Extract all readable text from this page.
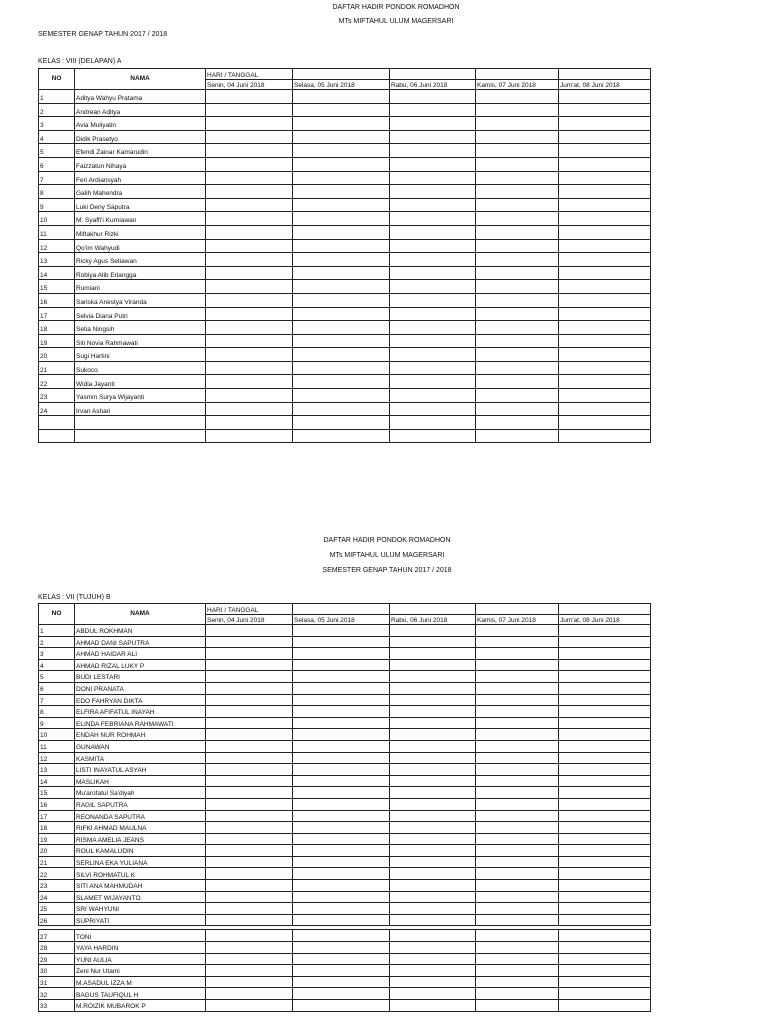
DAFTAR HADIR PONDOK ROMADHON
MTs MIFTAHUL ULUM MAGERSARI
SEMESTER GENAP TAHUN 2017 / 2018
KELAS : VIII (DELAPAN) A
NO	NAMA	HARI / TANGGAL				
		Senin, 04 Juni 2018	Selasa, 05 Juni 2018	Rabu, 06 Juni 2018	Kamis, 07 Juni 2018	Jum'at, 08 Juni 2018
1	Aditya Wahyu Pratama					
2	Andrean Aditya					
3	Avia Muliyatin					
4	Didik Prasetyo					
5	Efendi Zainar Kamarudin					
6	Faizzatun Nihaya					
7	Feri Ardiansyah					
8	Galih Mahendra					
9	Luki Deny Saputra					
10	M. Syaffi'i Kurniawan					
11	Miftakhur Rizki					
12	Qo'im Wahyudi					
13	Ricky Agus Setiawan					
14	Robiya Alib Erlangga					
15	Rumiani					
16	Sariska Anestya Viranda					
17	Selvia Diana Putri					
18	Setia Ningsih					
19	Siti Novia Rahmawati					
20	Sugi Hartini					
21	Sukoco					
22	Widia Jayanti					
23	Yasmin Surya Wijayanti					
24	Irvan Ashari					

DAFTAR HADIR PONDOK ROMADHON
MTs MIFTAHUL ULUM MAGERSARI
SEMESTER GENAP TAHUN 2017 / 2018
KELAS : VII (TUJUH) B
NO	NAMA	HARI / TANGGAL				
		Senin, 04 Juni 2018	Selasa, 05 Juni 2018	Rabu, 06 Juni 2018	Kamis, 07 Juni 2018	Jum'at, 08 Juni 2018
1	ABDUL ROKHMAN					
2	AHMAD DANI SAPUTRA					
3	AHMAD HAIDAR ALI					
4	AHMAD RIZAL LUKY P					
5	BUDI LESTARI					
6	DONI PRANATA					
7	EDO FAHRYAN DIKTA					
8	ELFIRA AFIFATUL INAYAH					
9	ELINDA FEBRIANA RAHMAWATI					
10	ENDAH NUR ROHMAH					
11	GUNAWAN					
12	KASMITA					
13	LISTI INAYATUL ASYAH					
14	MASLIKAH					
15	Mu'arofatul Sa'diyah					
16	RAGIL SAPUTRA					
17	REONANDA SAPUTRA					
18	RIFKI AHMAD MAULNA					
19	RISMA AMELIA JEANS					
20	ROUL KAMALUDIN					
21	SERLINA EKA YULIANA					
22	SILVI ROHMATUL K					
23	SITI ANA MAHMUDAH					
24	SLAMET WIJAYANTO					
25	SRI WAHYUNI					
26	SUPRIYATI					

27	TONI					
28	YAYA HARDIN					
29	YUNI AULIA					
30	Zeni Nur Utami					
31	M.ASADUL IZZA M					
32	BAGUS TAUFIQUL H					
33	M.ROIZIK MUBAROK P					
